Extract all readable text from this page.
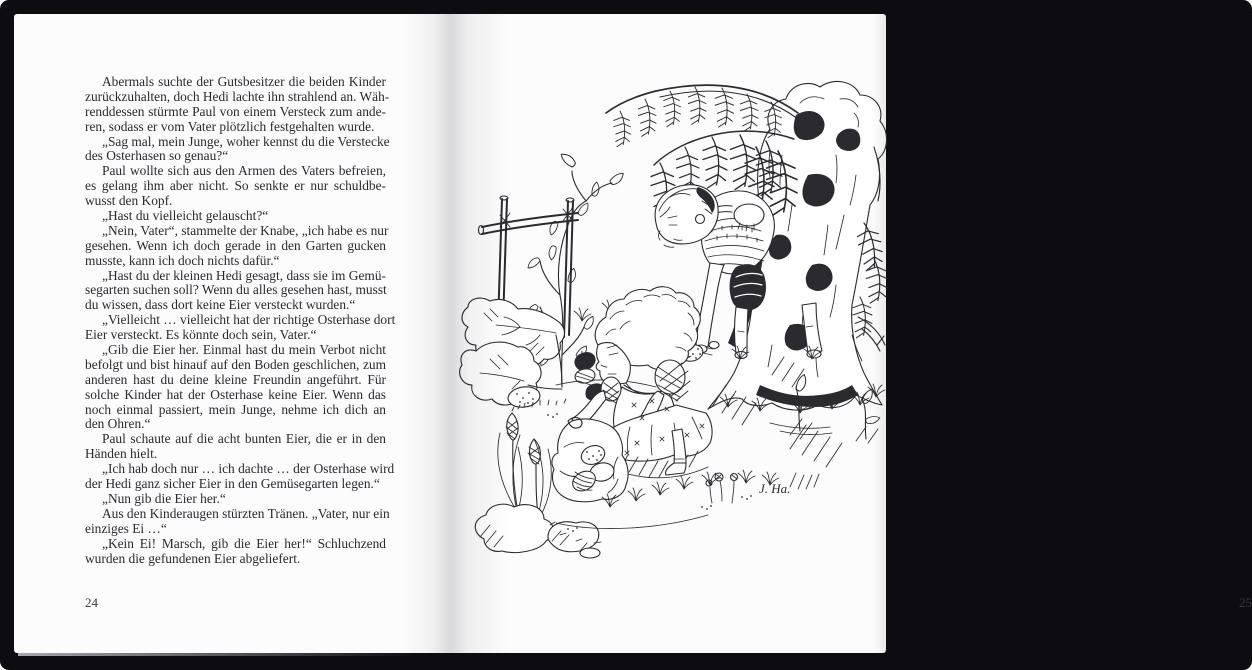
Abermals suchte der Gutsbesitzer die beiden Kinder
zurückzuhalten, doch Hedi lachte ihn strahlend an. Wäh-
renddessen stürmte Paul von einem Versteck zum ande-
ren, sodass er vom Vater plötzlich festgehalten wurde.
„Sag mal, mein Junge, woher kennst du die Verstecke
des Osterhasen so genau?“
Paul wollte sich aus den Armen des Vaters befreien,
es gelang ihm aber nicht. So senkte er nur schuldbe-
wusst den Kopf.
„Hast du vielleicht gelauscht?“
„Nein, Vater“, stammelte der Knabe, „ich habe es nur
gesehen. Wenn ich doch gerade in den Garten gucken
musste, kann ich doch nichts dafür.“
„Hast du der kleinen Hedi gesagt, dass sie im Gemü-
segarten suchen soll? Wenn du alles gesehen hast, musst
du wissen, dass dort keine Eier versteckt wurden.“
„Vielleicht … vielleicht hat der richtige Osterhase dort
Eier versteckt. Es könnte doch sein, Vater.“
„Gib die Eier her. Einmal hast du mein Verbot nicht
befolgt und bist hinauf auf den Boden geschlichen, zum
anderen hast du deine kleine Freundin angeführt. Für
solche Kinder hat der Osterhase keine Eier. Wenn das
noch einmal passiert, mein Junge, nehme ich dich an
den Ohren.“
Paul schaute auf die acht bunten Eier, die er in den
Händen hielt.
„Ich hab doch nur … ich dachte … der Osterhase wird
der Hedi ganz sicher Eier in den Gemüsegarten legen.“
„Nun gib die Eier her.“
Aus den Kinderaugen stürzten Tränen. „Vater, nur ein
einziges Ei …“
„Kein Ei! Marsch, gib die Eier her!“ Schluchzend
wurden die gefundenen Eier abgeliefert.
24	25
J. Ha.
